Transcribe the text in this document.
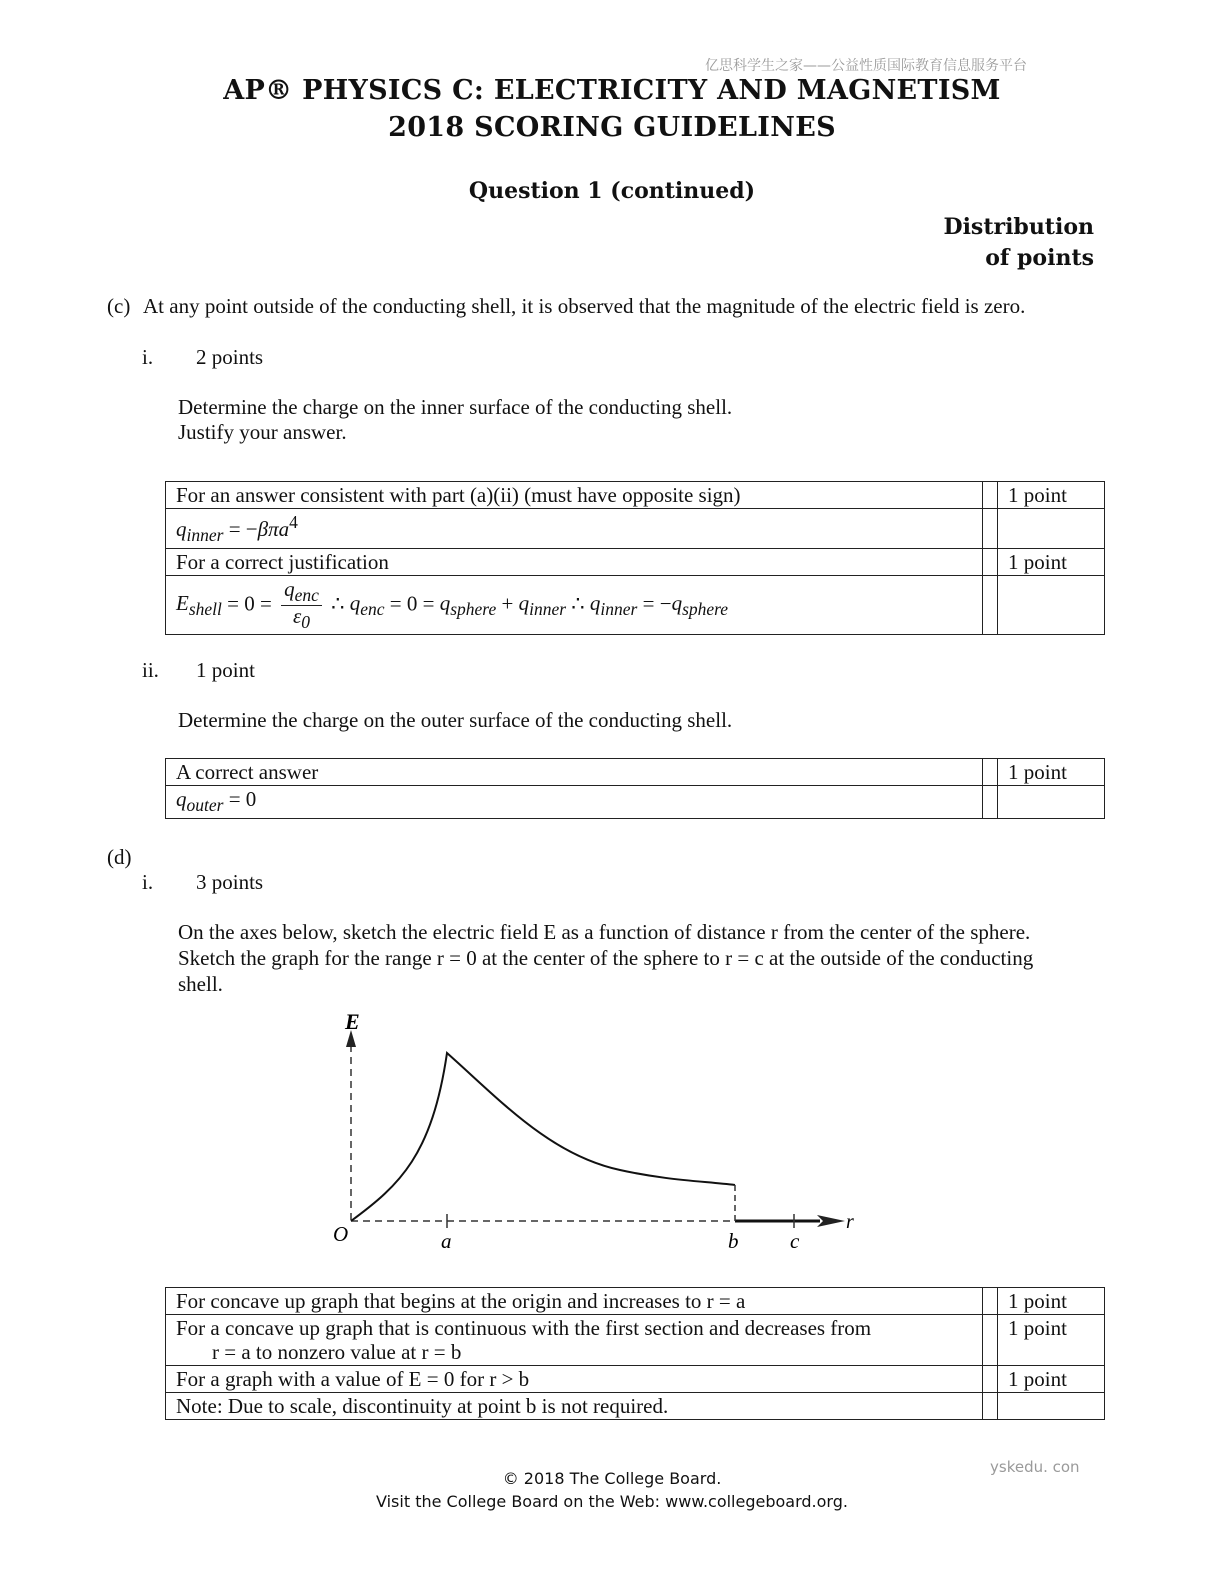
亿思科学生之家——公益性质国际教育信息服务平台
AP® PHYSICS C: ELECTRICITY AND MAGNETISM
2018 SCORING GUIDELINES
Question 1 (continued)
Distribution
of points
(c) At any point outside of the conducting shell, it is observed that the magnitude of the electric field is zero.
i. 2 points
Determine the charge on the inner surface of the conducting shell.
Justify your answer.
For an answer consistent with part (a)(ii) (must have opposite sign)		1 point
$q_{inner} = -\beta\pi a^4$		
For a correct justification		1 point
$E_{shell} = 0 = \frac{q_{enc}}{\varepsilon_0}$ ∴ $q_{enc} = 0 = q_{sphere} + q_{inner}$ ∴ $q_{inner} = -q_{sphere}$		
ii. 1 point
Determine the charge on the outer surface of the conducting shell.
A correct answer		1 point
$q_{outer} = 0$		
(d)
i. 3 points
On the axes below, sketch the electric field E as a function of distance r from the center of the sphere. Sketch the graph for the range r = 0 at the center of the sphere to r = c at the outside of the conducting shell.
E
r
O	a	b c
For concave up graph that begins at the origin and increases to r = a		1 point

For a concave up graph that is continuous with the first section and decreases from
r = a to nonzero value at r = b		1 point
For a graph with a value of E = 0 for r > b		1 point
Note: Due to scale, discontinuity at point b is not required.		
yskedu. con
© 2018 The College Board.
Visit the College Board on the Web: www.collegeboard.org.
